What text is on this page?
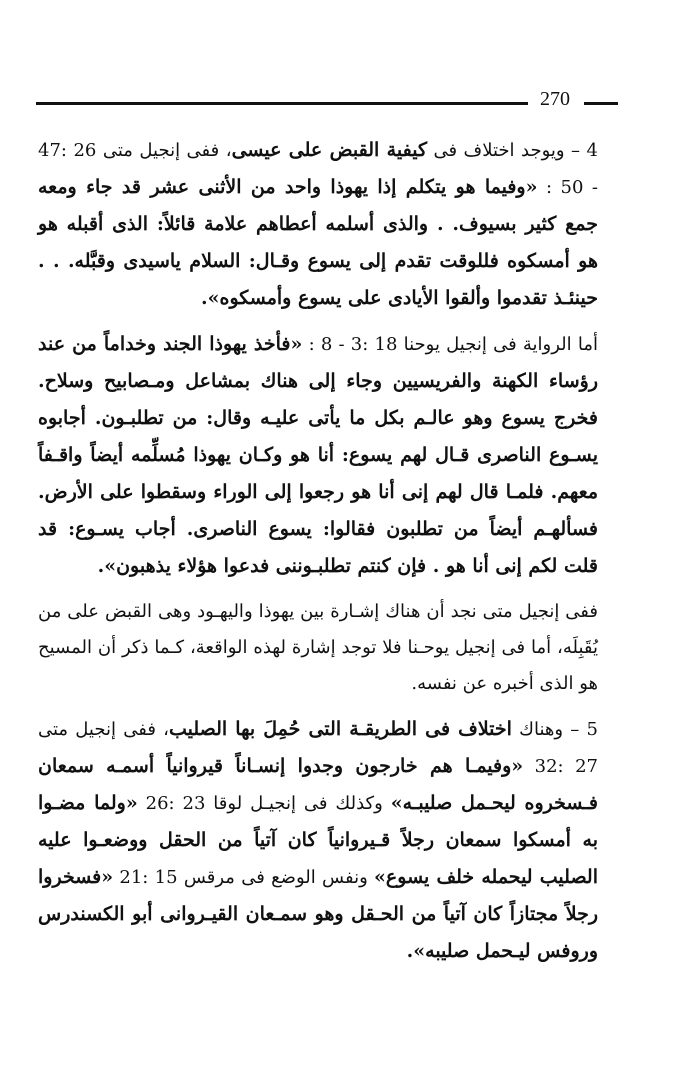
270

4 – ويوجد اختلاف فى كيفية القبض على عيسى، ففى إنجيل متى 26 :47 - 50 : «وفيما هو يتكلم إذا يهوذا واحد من الأثنى عشر قد جاء ومعه جمع كثير بسيوف. . والذى أسلمه أعطاهم علامة قائلاً: الذى أقبله هو هو أمسكوه فللوقت تقدم إلى يسوع وقـال: السلام ياسيدى وقبَّله. . . حينئـذ تقدموا وألقوا الأيادى على يسوع وأمسكوه».

أما الرواية فى إنجيل يوحنا 18 :3 - 8 : «فأخذ يهوذا الجند وخداماً من عند رؤساء الكهنة والفريسيين وجاء إلى هناك بمشاعل ومـصابيح وسلاح. فخرج يسوع وهو عالـم بكل ما يأتى عليـه وقال: من تطلبـون. أجابوه يسـوع الناصرى قـال لهم يسوع: أنا هو وكـان يهوذا مُسلِّمه أيضاً واقـفاً معهم. فلمـا قال لهم إنى أنا هو رجعوا إلى الوراء وسقطوا على الأرض. فسألهـم أيضاً من تطلبون فقالوا: يسوع الناصرى. أجاب يسـوع: قد قلت لكم إنى أنا هو . فإن كنتم تطلبـوننى فدعوا هؤلاء يذهبون».

ففى إنجيل متى نجد أن هناك إشـارة بين يهوذا واليهـود وهى القبض على من يُقَبِلَه، أما فى إنجيل يوحـنا فلا توجد إشارة لهذه الواقعة، كـما ذكر أن المسيح هو الذى أخبره عن نفسه.

5 – وهناك اختلاف فى الطريقـة التى حُمِلَ بها الصليب، ففى إنجيل متى 27 :32 «وفيمـا هم خارجون وجدوا إنسـاناً قيروانياً أسمـه سمعان فـسخروه ليحـمل صليبـه» وكذلك فى إنجيـل لوقا 23 :26 «ولما مضـوا به أمسكوا سمعان رجلاً قـيروانياً كان آتياً من الحقل ووضعـوا عليه الصليب ليحمله خلف يسوع» ونفس الوضع فى مرقس 15 :21 «فسخروا رجلاً مجتازاً كان آتياً من الحـقل وهو سمـعان القيـروانى أبو الكسندرس وروفس ليـحمل صليبه».
